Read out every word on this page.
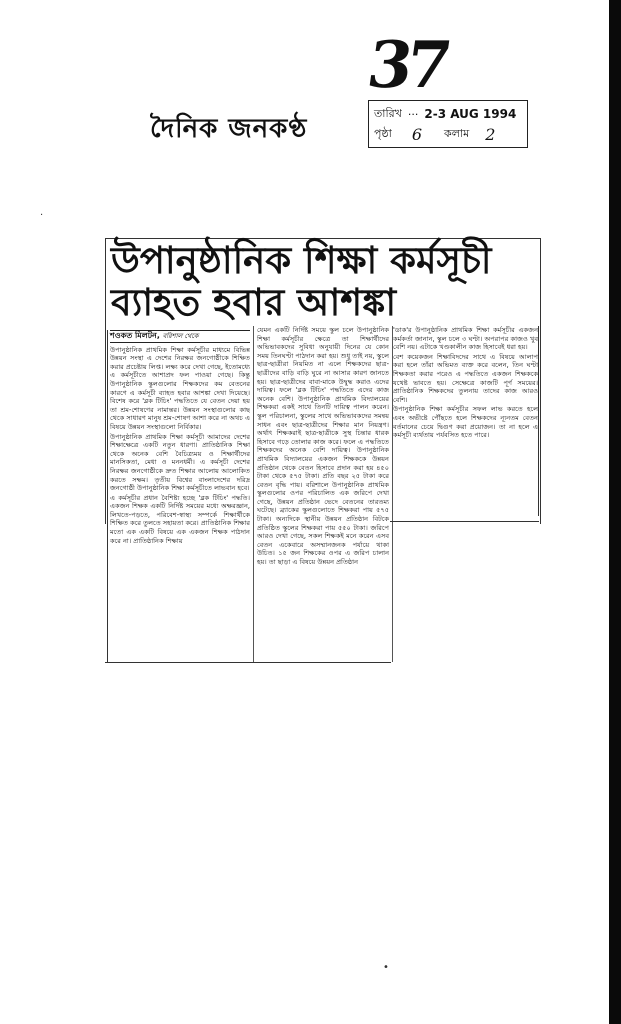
37
দৈনিক জনকণ্ঠ
তারিখ ··· 2-3 AUG 1994
পৃষ্ঠা 6 কলাম 2
উপানুষ্ঠানিক শিক্ষা কর্মসূচী
ব্যাহত হবার আশঙ্কা
শওকত মিলটন, বরিশাল থেকে

উপানুষ্ঠানিক প্রাথমিক শিক্ষা কর্মসূচীর মাধ্যমে বিভিন্ন উন্নয়ন সংস্থা এ দেশের নিরক্ষর জনগোষ্ঠীকে শিক্ষিত করার প্রচেষ্টায় লিপ্ত। লক্ষ্য করে দেখা গেছে, ইতোমধ্যে এ কর্মসূচীতে আশাপ্রদ ফল পাওয়া গেছে। কিন্তু উপানুষ্ঠানিক স্কুলগুলোর শিক্ষকদের কম বেতনের কারণে এ কর্মসূচী ব্যাহত হবার আশঙ্কা দেখা দিয়েছে। বিশেষ করে 'ব্লক টিচিং' পদ্ধতিতে যে বেতন দেয়া হয় তা শ্রম-শোষণের নামান্তর। উন্নয়ন সংস্থাগুলোর কাছ থেকে সাধারণ মানুষ শ্রম-শোষণ আশা করে না অথচ এ বিষয়ে উন্নয়ন সংস্থাগুলো নির্বিকার।

উপানুষ্ঠানিক প্রাথমিক শিক্ষা কর্মসূচী আমাদের দেশের শিক্ষাক্ষেত্রে একটি নতুন ধারণা। প্রাতিষ্ঠানিক শিক্ষা থেকে অনেক বেশি বৈচিত্র্যময় ও শিক্ষার্থীদের মানসিকতা, মেধা ও মননধর্মী। এ কর্মসূচী দেশের নিরক্ষর জনগোষ্ঠীকে দ্রুত শিক্ষার আলোয় আলোকিত করতে সক্ষম। তৃতীয় বিশ্বের বাংলাদেশের দরিদ্র জনগোষ্ঠী উপানুষ্ঠানিক শিক্ষা কর্মসূচীতে লাভবান হবে।

এ কর্মসূচীর প্রধান বৈশিষ্ট্য হচ্ছে 'ব্লক টিচিং' পদ্ধতি। একজন শিক্ষক একটি নির্দিষ্ট সময়ের মধ্যে অক্ষরজ্ঞান, লিখতে-পড়তে, পরিবেশ-স্বাস্থ্য সম্পর্কে শিক্ষার্থীকে শিক্ষিত করে তুলতে সহায়তা করে। প্রাতিষ্ঠানিক শিক্ষার মতো এক একটি বিষয়ে এক একজন শিক্ষক পাঠদান করে না। প্রাতিষ্ঠানিক শিক্ষায়

যেমন একটি নির্দিষ্ট সময়ে স্কুল চলে উপানুষ্ঠানিক শিক্ষা কর্মসূচীর ক্ষেত্রে তা শিক্ষার্থীদের অভিভাবকদের সুবিধা অনুযায়ী দিনের যে কোন সময় তিনঘণ্টা পাঠদান করা হয়। শুধু তাই নয়, স্কুলে ছাত্র-ছাত্রীরা নিয়মিত না এলে শিক্ষকদের ছাত্র-ছাত্রীদের বাড়ি বাড়ি ঘুরে না আসার কারণ জানতে হয়। ছাত্র-ছাত্রীদের বাবা-মাকে উদ্বুদ্ধ করাও এদের দায়িত্ব। ফলে 'ব্লক টিচিং' পদ্ধতিতে এদের কাজ অনেক বেশি। উপানুষ্ঠানিক প্রাথমিক বিদ্যালয়ের শিক্ষকরা একই সাথে তিনটি দায়িত্ব পালন করেন। স্কুল পরিচালনা, স্কুলের সাথে অভিভাবকদের সমন্বয় সাধন এবং ছাত্র-ছাত্রীদের শিক্ষার মান নিয়ন্ত্রণ। অর্থাৎ শিক্ষকরাই ছাত্র-ছাত্রীকে সুস্থ চিন্তার ধারক হিসাবে গড়ে তোলার কাজ করে। ফলে এ পদ্ধতিতে শিক্ষকদের অনেক বেশি দায়িত্ব। উপানুষ্ঠানিক প্রাথমিক বিদ্যালয়ের একজন শিক্ষককে উন্নয়ন প্রতিষ্ঠান থেকে বেতন হিসাবে প্রদান করা হয় ৪৫০ টাকা থেকে ৫৭৫ টাকা। প্রতি বছর ২৫ টাকা করে বেতন বৃদ্ধি পায়। বরিশালে উপানুষ্ঠানিক প্রাথমিক স্কুলগুলোর ওপর পরিচালিত এক জরিপে দেখা গেছে, উন্নয়ন প্রতিষ্ঠান ভেদে বেতনের তারতম্য ঘটেছে। ব্র্যাকের স্কুলগুলোতে শিক্ষকরা পায় ৫৭৫ টাকা। অন্যদিকে স্থানীয় উন্নয়ন প্রতিষ্ঠান বিটকে প্রতিষ্ঠিত স্কুলের শিক্ষকরা পায় ৫৫০ টাকা। জরিপে আরও দেখা গেছে, সকল শিক্ষকই মনে করেন এসব বেতন একেবারে অসম্মানজনক পর্যায়ে থাকা উচিত। ১৫ জন শিক্ষকের ওপর এ জরিপ চালান হয়। তা ছাড়া এ বিষয়ে উন্নয়ন প্রতিষ্ঠান

'ডাক'র উপানুষ্ঠানিক প্রাথমিক শিক্ষা কর্মসূচীর একজন কর্মকর্তা জানান, স্কুল চলে ৩ ঘণ্টা। অপরাপর কাজও খুব বেশি নয়। এটাকে খণ্ডকালীন কাজ হিসাবেই ধরা হয়।

বেশ কয়েকজন শিক্ষাবিদদের সাথে এ বিষয়ে আলাপ করা হলে তাঁরা অভিমত ব্যক্ত করে বলেন, তিন ঘণ্টা শিক্ষকতা করার পরেও এ পদ্ধতিতে একজন শিক্ষককে যথেষ্ট ভাবতে হয়। সেক্ষেত্রে কাজটি পূর্ণ সময়ের। প্রাতিষ্ঠানিক শিক্ষকদের তুলনায় তাদের কাজ আরও বেশি।

উপানুষ্ঠানিক শিক্ষা কর্মসূচীর সফল লাভ করতে হলে এবং অভীষ্টে পৌঁছতে হলে শিক্ষকদের ন্যূনতম বেতন বর্তমানের চেয়ে দ্বিগুণ করা প্রয়োজন। তা না হলে এ কর্মসূচী ব্যর্থতায় পর্যবসিত হতে পারে।

•
·
